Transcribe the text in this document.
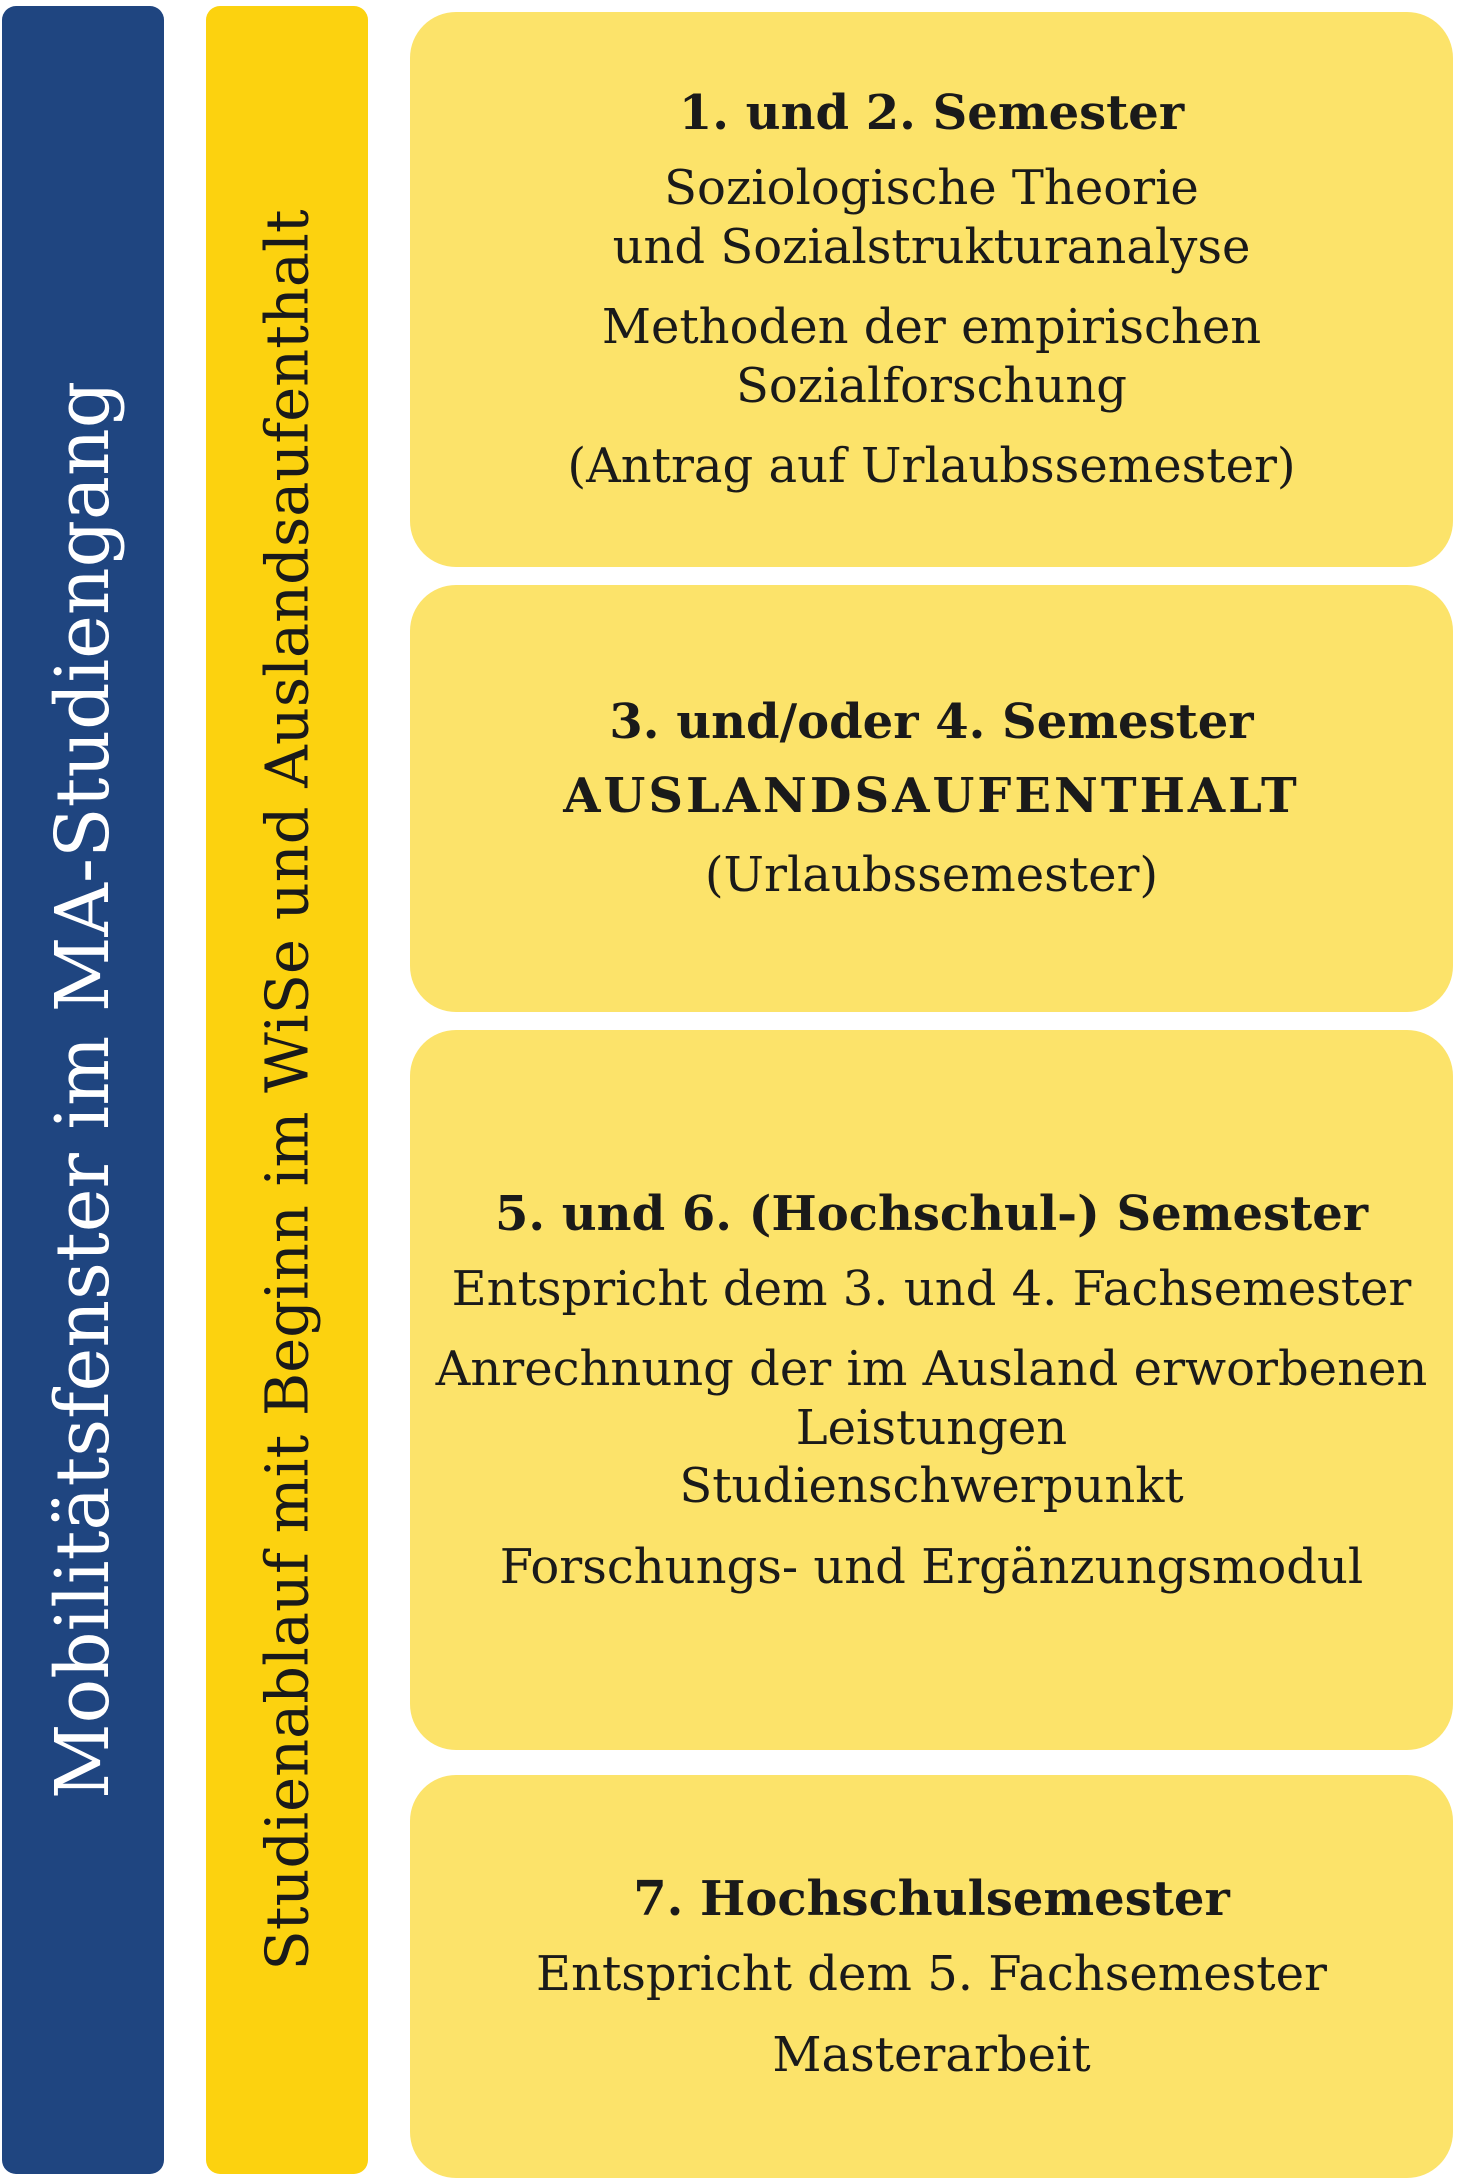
Mobilitätsfenster im MA-Studiengang Studienablauf mit Beginn im WiSe und Auslandsaufenthalt
1. und 2. Semester
Soziologische Theorie
und Sozialstrukturanalyse
Methoden der empirischen
Sozialforschung
(Antrag auf Urlaubssemester)
3. und/oder 4. Semester
AUSLANDSAUFENTHALT
(Urlaubssemester)
5. und 6. (Hochschul-) Semester
Entspricht dem 3. und 4. Fachsemester
Anrechnung der im Ausland erworbenen
Leistungen
Studienschwerpunkt
Forschungs- und Ergänzungsmodul
7. Hochschulsemester
Entspricht dem 5. Fachsemester
Masterarbeit
